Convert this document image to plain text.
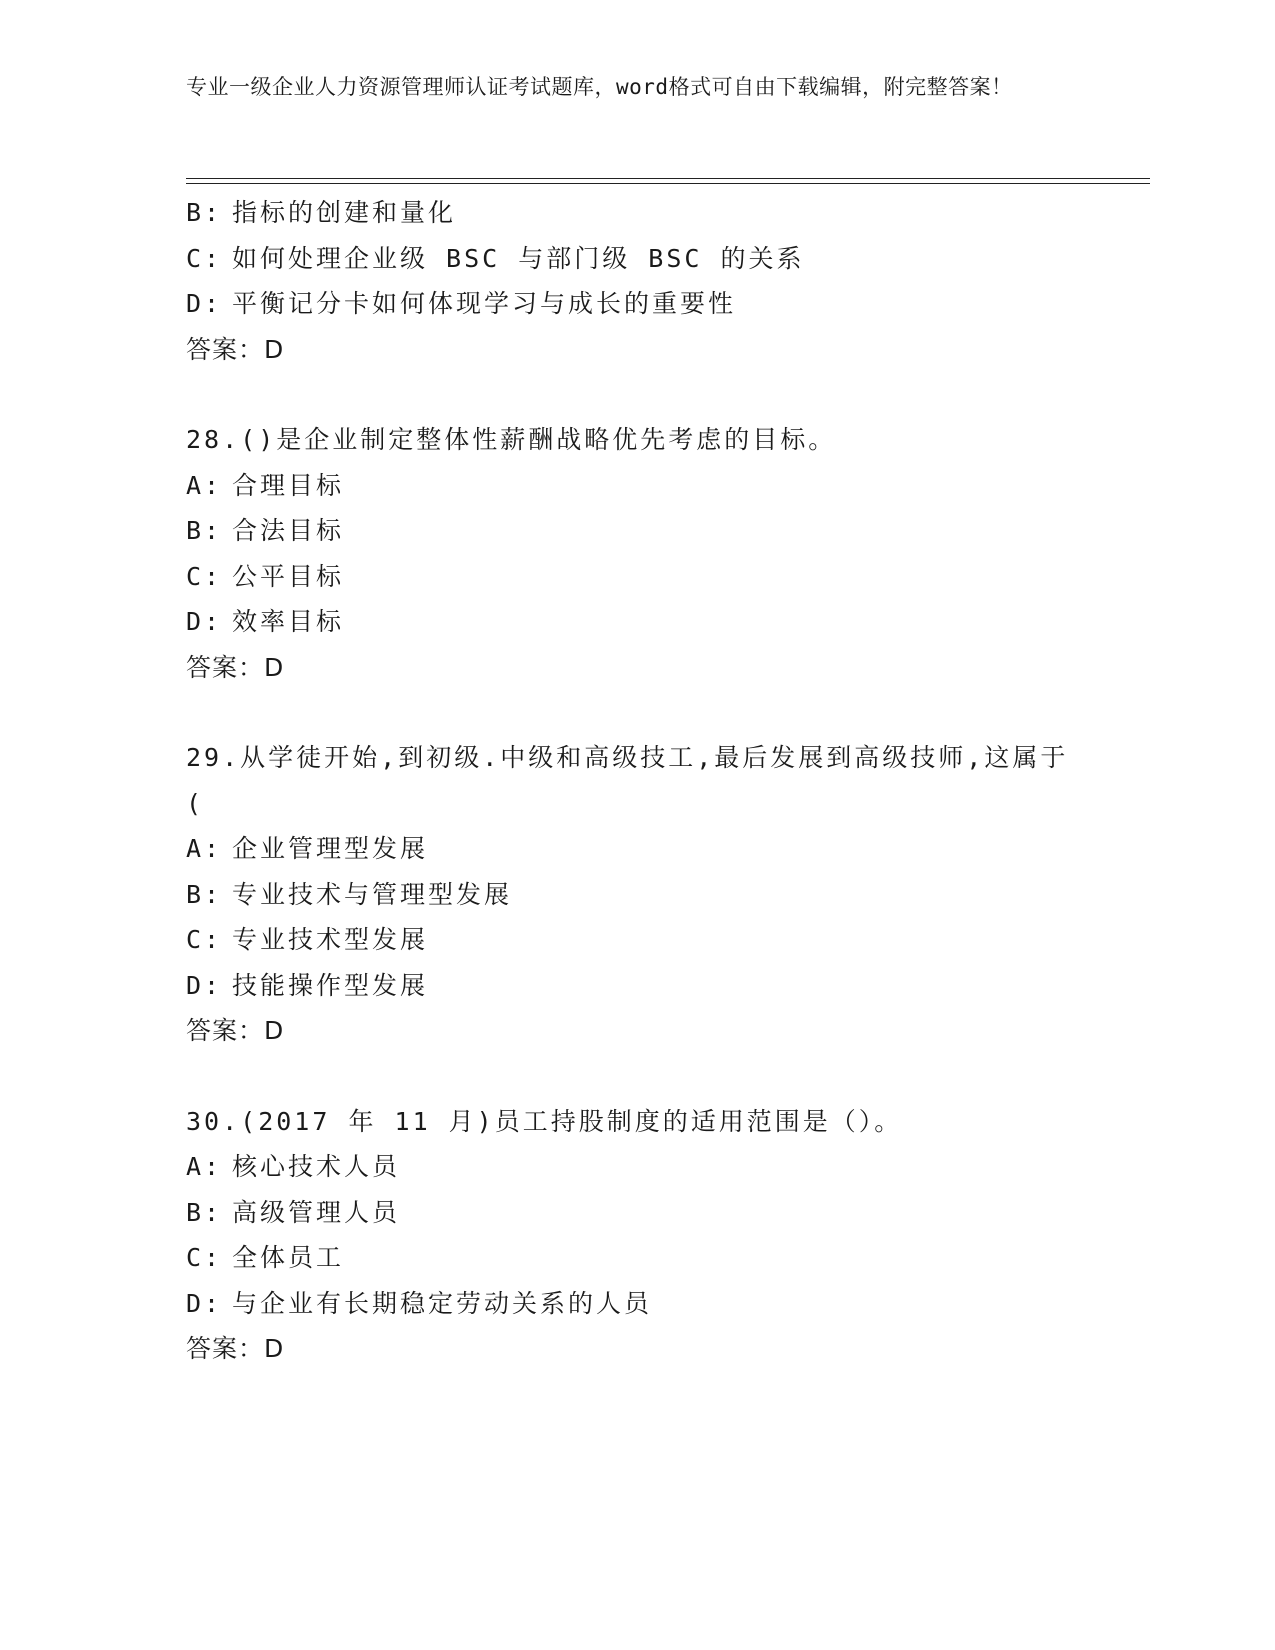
专业一级企业人力资源管理师认证考试题库，word格式可自由下载编辑，附完整答案！
B: 指标的创建和量化
C: 如何处理企业级 BSC 与部门级 BSC 的关系
D: 平衡记分卡如何体现学习与成长的重要性
答案：D
28.()是企业制定整体性薪酬战略优先考虑的目标。
A: 合理目标
B: 合法目标
C: 公平目标
D: 效率目标
答案：D
29.从学徒开始,到初级.中级和高级技工,最后发展到高级技师,这属于
(
A: 企业管理型发展
B: 专业技术与管理型发展
C: 专业技术型发展
D: 技能操作型发展
答案：D
30.(2017 年 11 月)员工持股制度的适用范围是（）。
A: 核心技术人员
B: 高级管理人员
C: 全体员工
D: 与企业有长期稳定劳动关系的人员
答案：D
